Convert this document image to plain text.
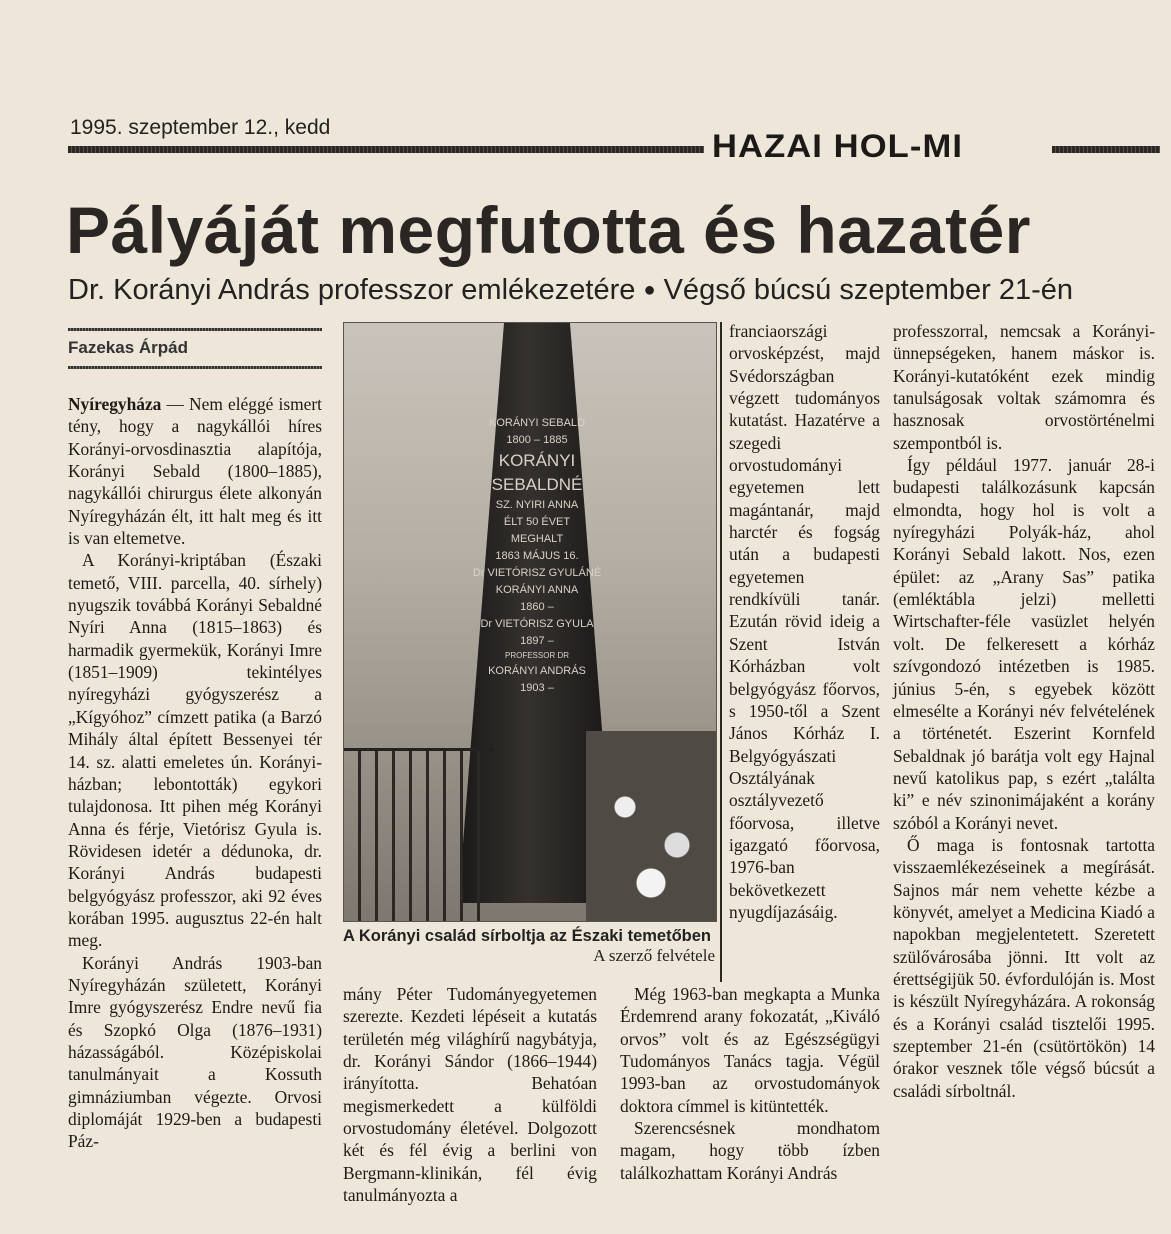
1995. szeptember 12., kedd
HAZAI HOL-MI
Pályáját megfutotta és hazatér
Dr. Korányi András professzor emlékezetére ● Végső búcsú szeptember 21-én
Fazekas Árpád

Nyíregyháza — Nem eléggé ismert tény, hogy a nagykállói híres Korányi-orvosdinasztia alapítója, Korányi Sebald (1800–1885), nagykállói chirurgus élete alkonyán Nyíregyházán élt, itt halt meg és itt is van eltemetve.

A Korányi-kriptában (Északi temető, VIII. parcella, 40. sírhely) nyugszik továbbá Korányi Sebaldné Nyíri Anna (1815–1863) és harmadik gyermekük, Korányi Imre (1851–1909) tekintélyes nyíregyházi gyógyszerész a „Kígyóhoz” címzett patika (a Barzó Mihály által épített Bessenyei tér 14. sz. alatti emeletes ún. Korányi-házban; lebontották) egykori tulajdonosa. Itt pihen még Korányi Anna és férje, Vietórisz Gyula is. Rövidesen idetér a dédunoka, dr. Korányi András budapesti belgyógyász professzor, aki 92 éves korában 1995. augusztus 22-én halt meg.

Korányi András 1903-ban Nyíregyházán született, Korányi Imre gyógyszerész Endre nevű fia és Szopkó Olga (1876–1931) házasságából. Középiskolai tanulmányait a Kossuth gimnáziumban végezte. Orvosi diplomáját 1929-ben a budapesti Páz-

KORÁNYI SEBALD
1800 – 1885
KORÁNYI
SEBALDNÉ
SZ. NYIRI ANNA
ÉLT 50 ÉVET
MEGHALT
1863 MÁJUS 16.
Dr VIETÓRISZ GYULÁNÉ
KORÁNYI ANNA
1860 –
Dr VIETÓRISZ GYULA
1897 –
PROFESSOR DR
KORÁNYI ANDRÁS
1903 –
A Korányi család sírboltja az Északi temetőben
A szerző felvétele

mány Péter Tudományegyetemen szerezte. Kezdeti lépéseit a kutatás területén még világhírű nagybátyja, dr. Korányi Sándor (1866–1944) irányította. Behatóan megismerkedett a külföldi orvostudomány életével. Dolgozott két és fél évig a berlini von Bergmann-klinikán, fél évig tanulmányozta a

franciaországi orvosképzést, majd Svédországban végzett tudományos kutatást. Hazatérve a szegedi orvostudományi egyetemen lett magántanár, majd harctér és fogság után a budapesti egyetemen rendkívüli tanár. Ezután rövid ideig a Szent István Kórházban volt belgyógyász főorvos, s 1950-től a Szent János Kórház I. Belgyógyászati Osztályának osztályvezető főorvosa, illetve igazgató főorvosa, 1976-ban bekövetkezett nyugdíjazásáig.

Még 1963-ban megkapta a Munka Érdemrend arany fokozatát, „Kiváló orvos” volt és az Egészségügyi Tudományos Tanács tagja. Végül 1993-ban az orvostudományok doktora címmel is kitüntették.

Szerencsésnek mondhatom magam, hogy több ízben találkozhattam Korányi András

professzorral, nemcsak a Korányi-ünnepségeken, hanem máskor is. Korányi-kutatóként ezek mindig tanulságosak voltak számomra és hasznosak orvostörténelmi szempontból is.

Így például 1977. január 28-i budapesti találkozásunk kapcsán elmondta, hogy hol is volt a nyíregyházi Polyák-ház, ahol Korányi Sebald lakott. Nos, ezen épület: az „Arany Sas” patika (emléktábla jelzi) melletti Wirtschafter-féle vasüzlet helyén volt. De felkeresett a kórház szívgondozó intézetben is 1985. június 5-én, s egyebek között elmesélte a Korányi név felvételének a történetét. Eszerint Kornfeld Sebaldnak jó barátja volt egy Hajnal nevű katolikus pap, s ezért „találta ki” e név szinonimájaként a korány szóból a Korányi nevet.

Ő maga is fontosnak tartotta visszaemlékezéseinek a megírását. Sajnos már nem vehette kézbe a könyvét, amelyet a Medicina Kiadó a napokban megjelentetett. Szeretett szülővárosába jönni. Itt volt az érettségijük 50. évfordulóján is. Most is készült Nyíregyházára. A rokonság és a Korányi család tisztelői 1995. szeptember 21-én (csütörtökön) 14 órakor vesznek tőle végső búcsút a családi sírboltnál.
